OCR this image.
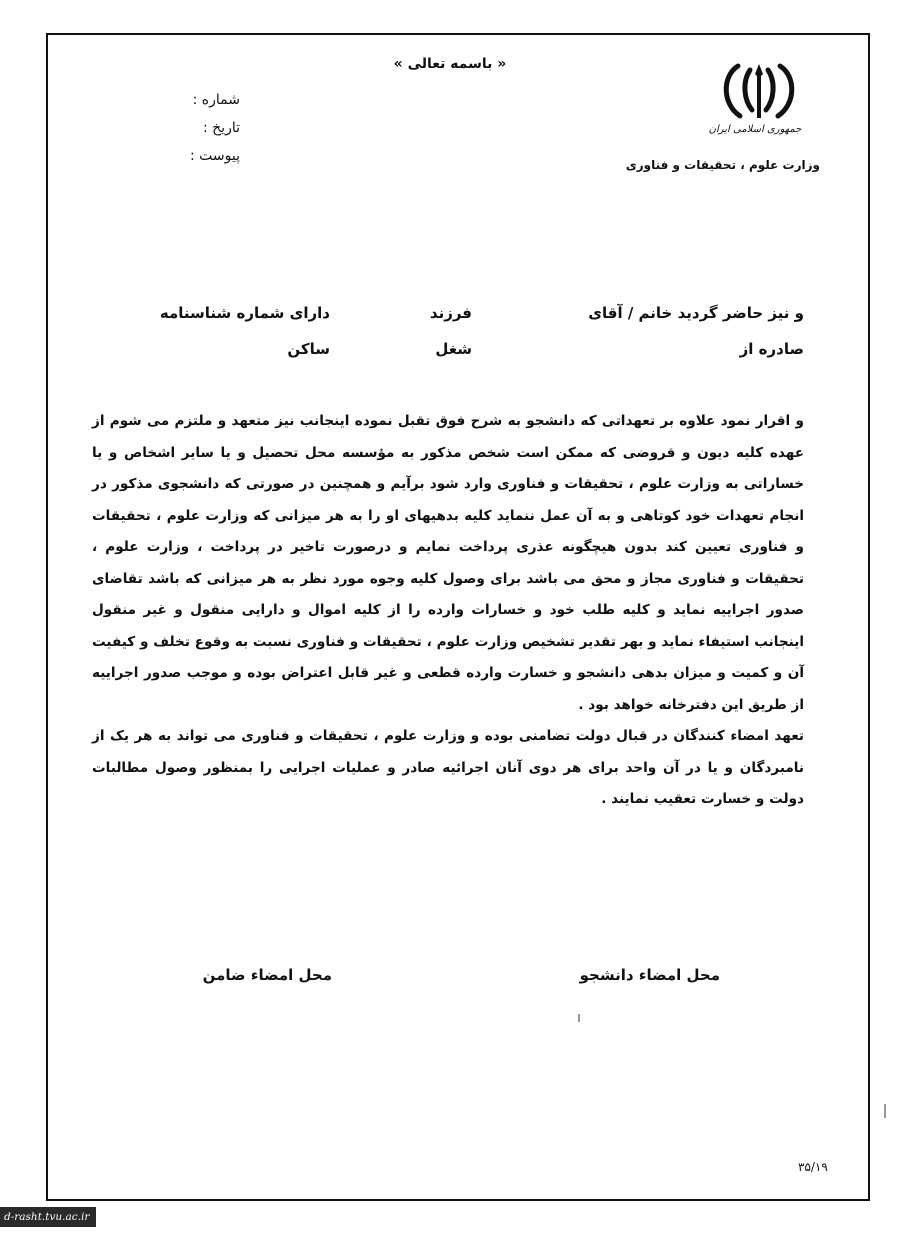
« باسمه تعالی »
شماره :
تاریخ :
پیوست :
جمهوری اسلامی ایران
وزارت علوم ، تحقیقات و فناوری
و نیز حاضر گردید خانم / آقای
فرزند
دارای شماره شناسنامه
صادره از
شغل
ساکن

و اقرار نمود علاوه بر تعهداتی که دانشجو به شرح فوق تقبل نموده اینجانب نیز متعهد و ملتزم می شوم از عهده کلیه دیون و قروضی که ممکن است شخص مذکور به مؤسسه محل تحصیل و یا سایر اشخاص و یا خساراتی به وزارت علوم ، تحقیقات و فناوری وارد شود برآیم و همچنین در صورتی که دانشجوی مذکور در انجام تعهدات خود کوتاهی و به آن عمل ننماید کلیه بدهیهای او را به هر میزانی که وزارت علوم ، تحقیقات و فناوری تعیین کند بدون هیچگونه عذری پرداخت نمایم و درصورت تاخیر در پرداخت ، وزارت علوم ، تحقیقات و فناوری مجاز و محق می باشد برای وصول کلیه وجوه مورد نظر به هر میزانی که باشد تقاضای صدور اجراییه نماید و کلیه طلب خود و خسارات وارده را از کلیه اموال و دارایی منقول و غیر منقول اینجانب استیفاء نماید و بهر تقدیر تشخیص وزارت علوم ، تحقیقات و فناوری نسبت به وقوع تخلف و کیفیت آن و کمیت و میزان بدهی دانشجو و خسارت وارده قطعی و غیر قابل اعتراض بوده و موجب صدور اجراییه از طریق این دفترخانه خواهد بود .

تعهد امضاء کنندگان در قبال دولت تضامنی بوده و وزارت علوم ، تحقیقات و فناوری می تواند به هر یک از نامبردگان و یا در آن واحد برای هر دوی آنان اجرائیه صادر و عملیات اجرایی را بمنظور وصول مطالبات دولت و خسارت تعقیب نمایند .

محل امضاء دانشجو
محل امضاء ضامن
۳۵/۱۹
d-rasht.tvu.ac.ir
